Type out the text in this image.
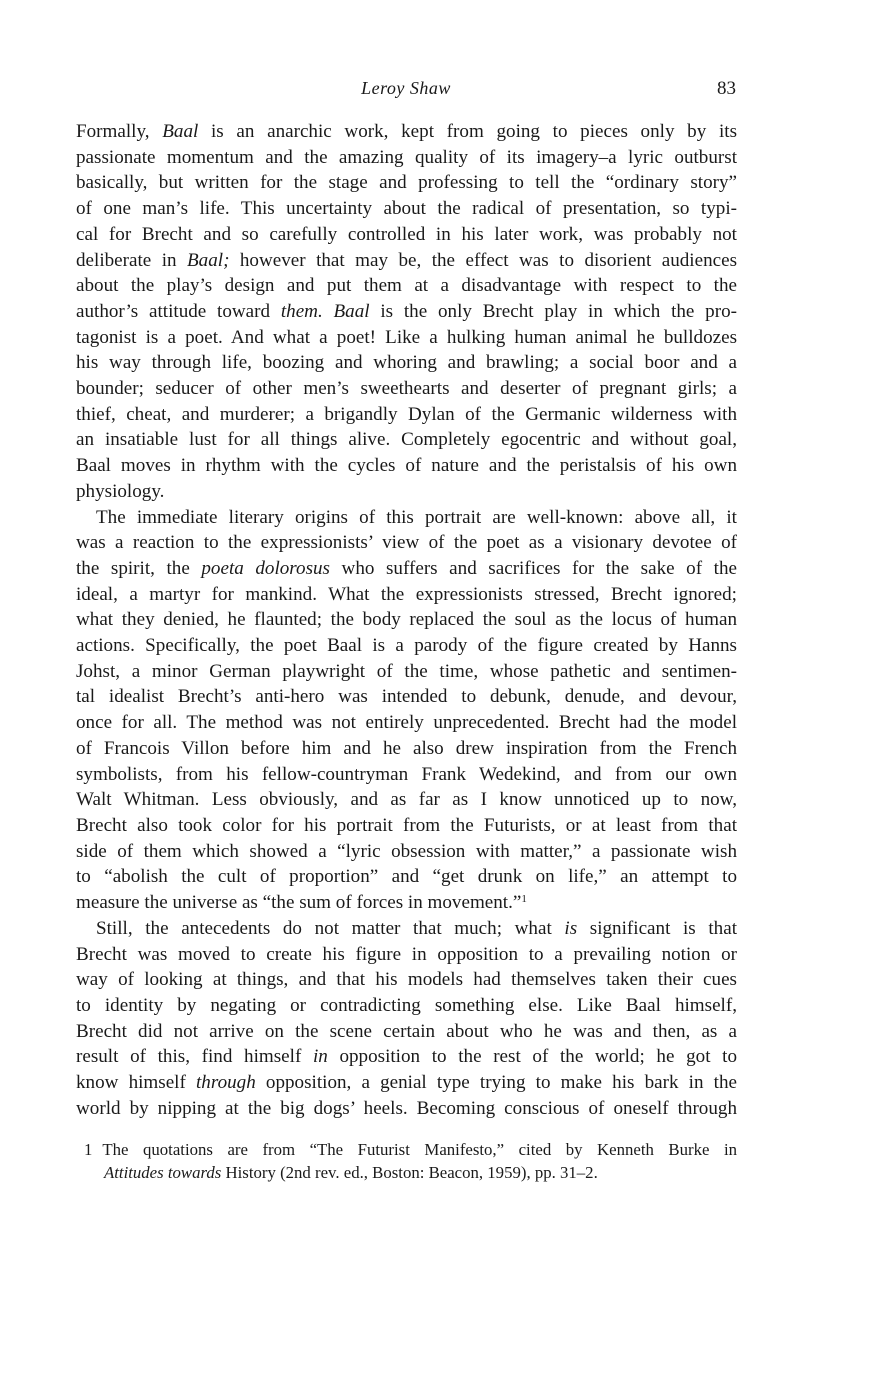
Leroy Shaw	83
Formally, Baal is an anarchic work, kept from going to pieces only by its
passionate momentum and the amazing quality of its imagery–a lyric outburst
basically, but written for the stage and professing to tell the “ordinary story”
of one man’s life. This uncertainty about the radical of presentation, so typi-
cal for Brecht and so carefully controlled in his later work, was probably not
deliberate in Baal; however that may be, the effect was to disorient audiences
about the play’s design and put them at a disadvantage with respect to the
author’s attitude toward them. Baal is the only Brecht play in which the pro-
tagonist is a poet. And what a poet! Like a hulking human animal he bulldozes
his way through life, boozing and whoring and brawling; a social boor and a
bounder; seducer of other men’s sweethearts and deserter of pregnant girls; a
thief, cheat, and murderer; a brigandly Dylan of the Germanic wilderness with
an insatiable lust for all things alive. Completely egocentric and without goal,
Baal moves in rhythm with the cycles of nature and the peristalsis of his own
physiology.
The immediate literary origins of this portrait are well-known: above all, it
was a reaction to the expressionists’ view of the poet as a visionary devotee of
the spirit, the poeta dolorosus who suffers and sacrifices for the sake of the
ideal, a martyr for mankind. What the expressionists stressed, Brecht ignored;
what they denied, he flaunted; the body replaced the soul as the locus of human
actions. Specifically, the poet Baal is a parody of the figure created by Hanns
Johst, a minor German playwright of the time, whose pathetic and sentimen-
tal idealist Brecht’s anti-hero was intended to debunk, denude, and devour,
once for all. The method was not entirely unprecedented. Brecht had the model
of Francois Villon before him and he also drew inspiration from the French
symbolists, from his fellow-countryman Frank Wedekind, and from our own
Walt Whitman. Less obviously, and as far as I know unnoticed up to now,
Brecht also took color for his portrait from the Futurists, or at least from that
side of them which showed a “lyric obsession with matter,” a passionate wish
to “abolish the cult of proportion” and “get drunk on life,” an attempt to
measure the universe as “the sum of forces in movement.”$^1$
Still, the antecedents do not matter that much; what is significant is that
Brecht was moved to create his figure in opposition to a prevailing notion or
way of looking at things, and that his models had themselves taken their cues
to identity by negating or contradicting something else. Like Baal himself,
Brecht did not arrive on the scene certain about who he was and then, as a
result of this, find himself in opposition to the rest of the world; he got to
know himself through opposition, a genial type trying to make his bark in the
world by nipping at the big dogs’ heels. Becoming conscious of oneself through
1 The quotations are from “The Futurist Manifesto,” cited by Kenneth Burke in
Attitudes towards History (2nd rev. ed., Boston: Beacon, 1959), pp. 31–2.
